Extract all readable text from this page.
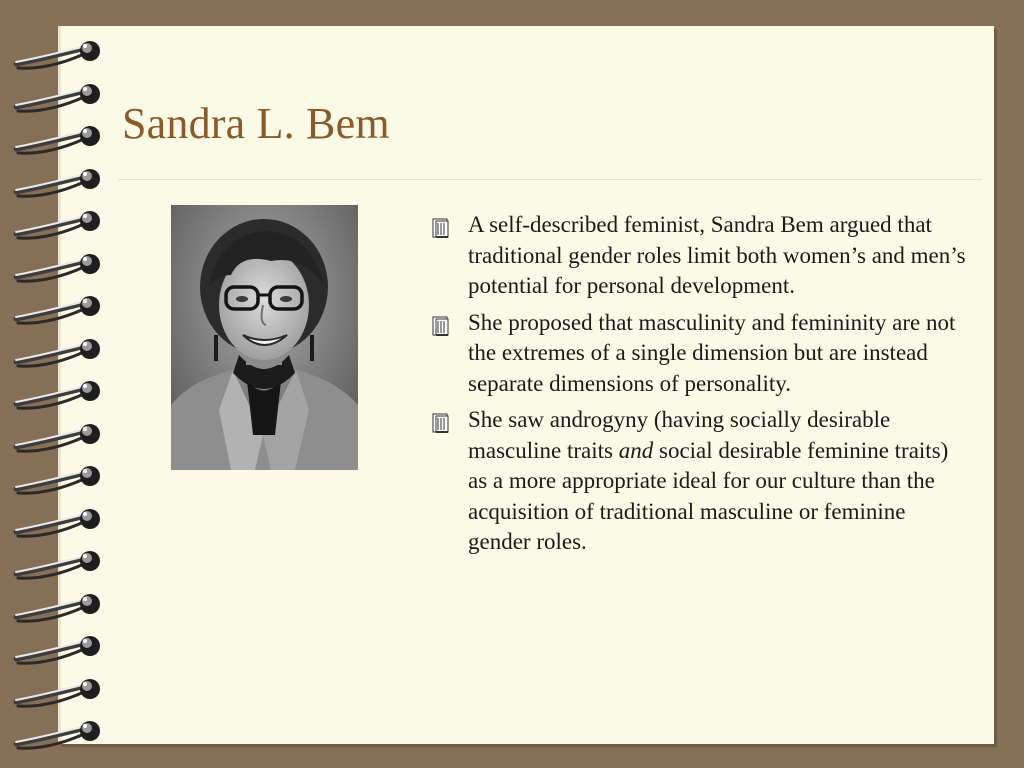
Sandra L. Bem
A self-described feminist, Sandra Bem argued that traditional gender roles limit both women’s and men’s potential for personal development.
She proposed that masculinity and femininity are not the extremes of a single dimension but are instead separate dimensions of personality.
She saw androgyny (having socially desirable masculine traits and social desirable feminine traits) as a more appropriate ideal for our culture than the acquisition of traditional masculine or feminine gender roles.
